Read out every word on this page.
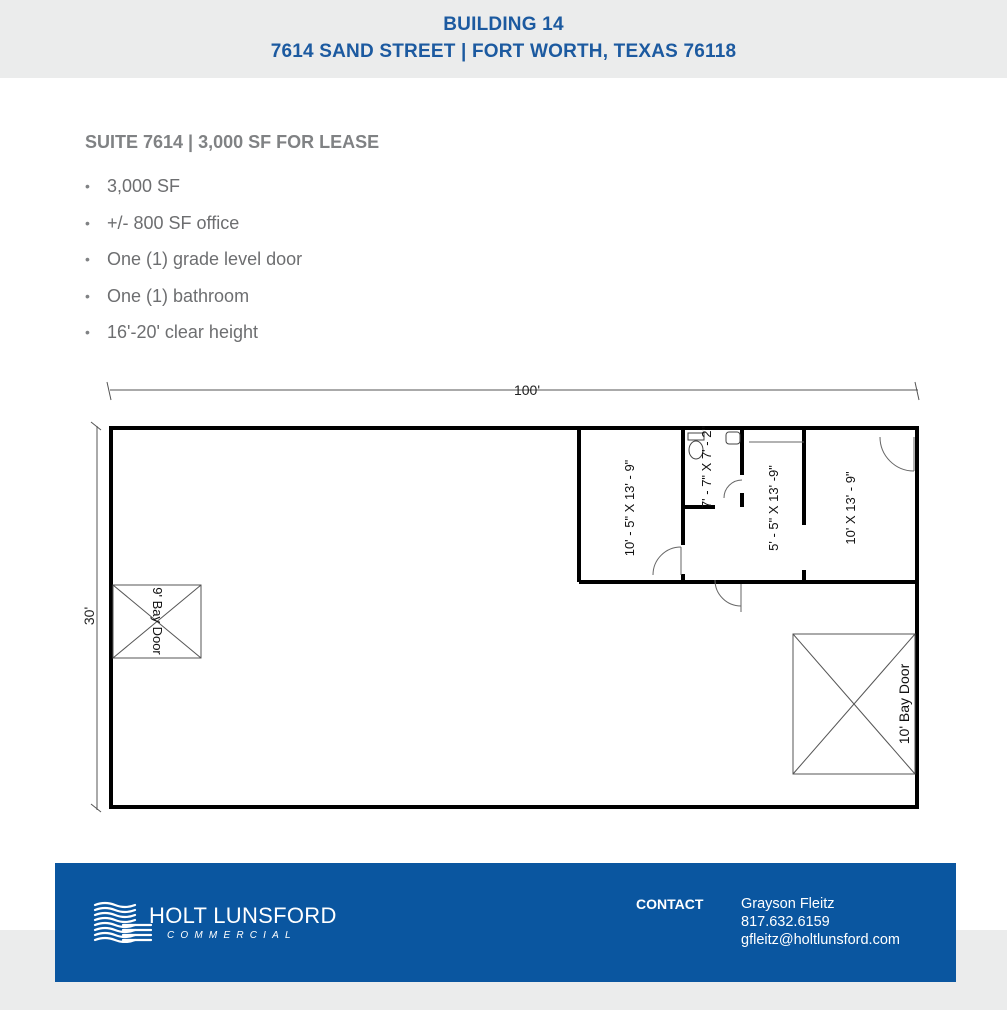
BUILDING 14
7614 SAND STREET | FORT WORTH, TEXAS 76118
SUITE 7614 | 3,000 SF FOR LEASE
• 3,000 SF
• +/- 800 SF office
• One (1) grade level door
• One (1) bathroom
• 16'-20' clear height
100'
30'
10' - 5" X 13' - 9"	7' - 7" X 7' - 2"	5' - 5" X 13' -9"	10' X 13' - 9"
9' Bay Door
10' Bay Door
HOLT LUNSFORD
COMMERCIAL
CONTACT	Grayson Fleitz
817.632.6159
gfleitz@holtlunsford.com
